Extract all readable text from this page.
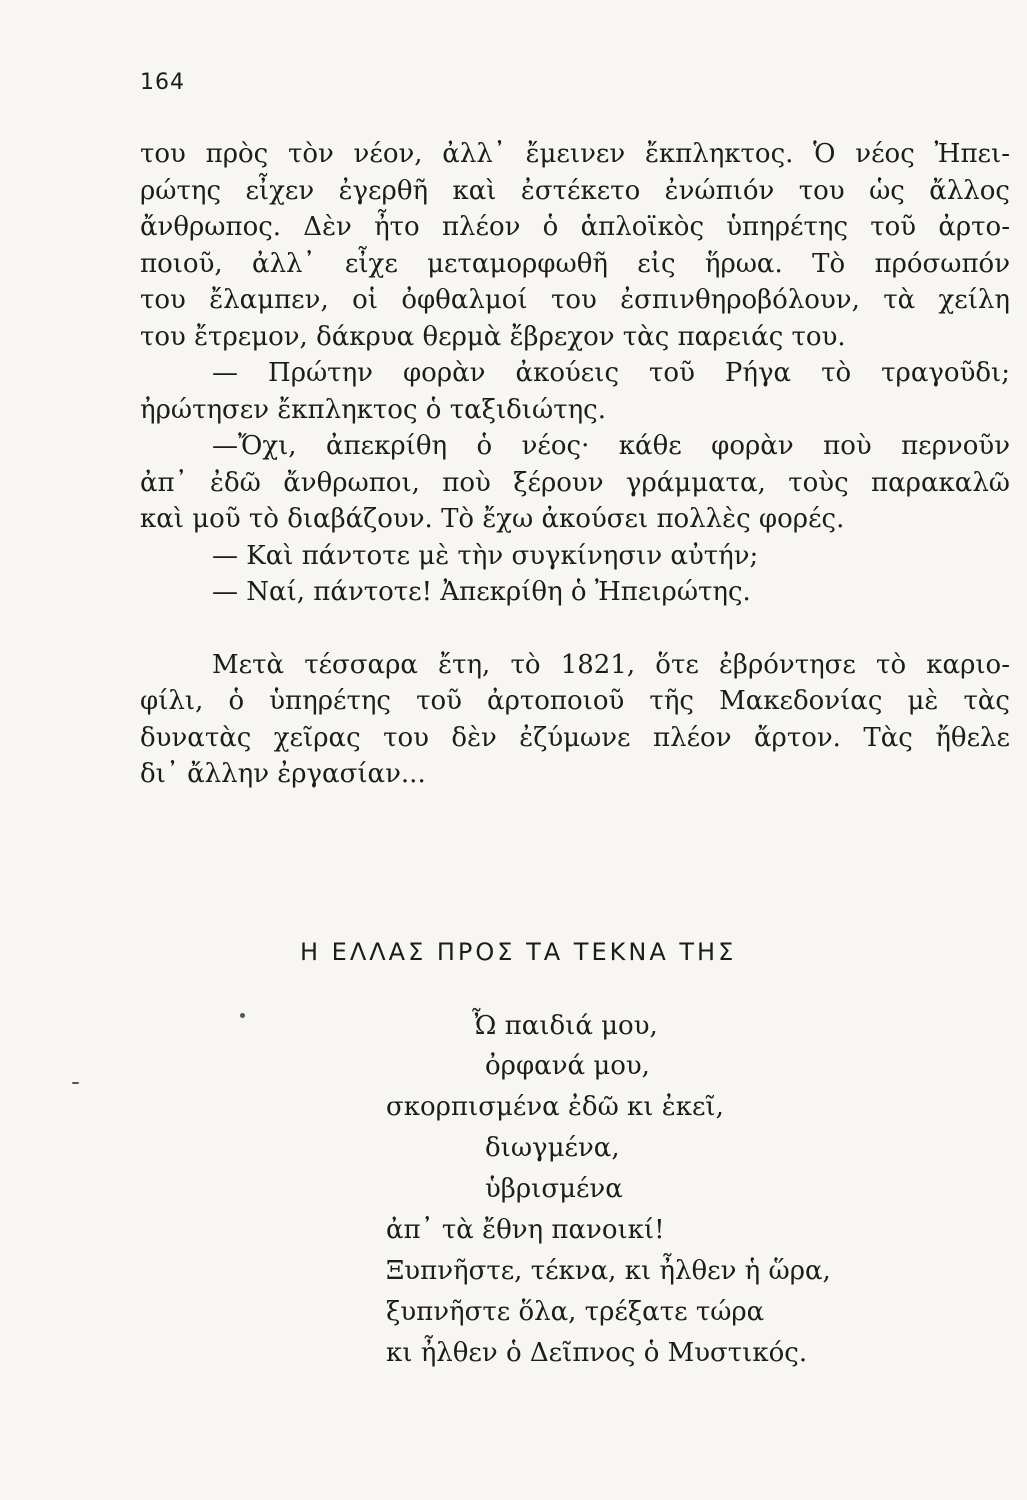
164
του πρὸς τὸν νέον, ἀλλ᾽ ἔμεινεν ἔκπληκτος. Ὁ νέος Ἠπει-
ρώτης εἶχεν ἐγερθῆ καὶ ἐστέκετο ἐνώπιόν του ὡς ἄλλος
ἄνθρωπος. Δὲν ἦτο πλέον ὁ ἁπλοϊκὸς ὑπηρέτης τοῦ ἀρτο-
ποιοῦ, ἀλλ᾽ εἶχε μεταμορφωθῆ εἰς ἥρωα. Τὸ πρόσωπόν
του ἔλαμπεν, οἱ ὀφθαλμοί του ἐσπινθηροβόλουν, τὰ χείλη
του ἔτρεμον, δάκρυα θερμὰ ἔβρεχον τὰς παρειάς του.
— Πρώτην φορὰν ἀκούεις τοῦ Ρήγα τὸ τραγοῦδι;
ἠρώτησεν ἔκπληκτος ὁ ταξιδιώτης.
—Ὄχι, ἀπεκρίθη ὁ νέος· κάθε φορὰν ποὺ περνοῦν
ἀπ᾽ ἐδῶ ἄνθρωποι, ποὺ ξέρουν γράμματα, τοὺς παρακαλῶ
καὶ μοῦ τὸ διαβάζουν. Τὸ ἔχω ἀκούσει πολλὲς φορές.
— Καὶ πάντοτε μὲ τὴν συγκίνησιν αὐτήν;
— Ναί, πάντοτε! Ἀπεκρίθη ὁ Ἠπειρώτης.
Μετὰ τέσσαρα ἔτη, τὸ 1821, ὅτε ἐβρόντησε τὸ καριο-
φίλι, ὁ ὑπηρέτης τοῦ ἀρτοποιοῦ τῆς Μακεδονίας μὲ τὰς
δυνατὰς χεῖρας του δὲν ἐζύμωνε πλέον ἄρτον. Τὰς ἤθελε
δι᾽ ἄλλην ἐργασίαν...
Η ΕΛΛΑΣ ΠΡΟΣ ΤΑ ΤΕΚΝΑ ΤΗΣ
Ὦ παιδιά μου,
ὀρφανά μου,
σκορπισμένα ἐδῶ κι ἐκεῖ,
διωγμένα,
ὑβρισμένα
ἀπ᾽ τὰ ἔθνη πανοικί!
Ξυπνῆστε, τέκνα, κι ἦλθεν ἡ ὥρα,
ξυπνῆστε ὅλα, τρέξατε τώρα
κι ἦλθεν ὁ Δεῖπνος ὁ Μυστικός.
